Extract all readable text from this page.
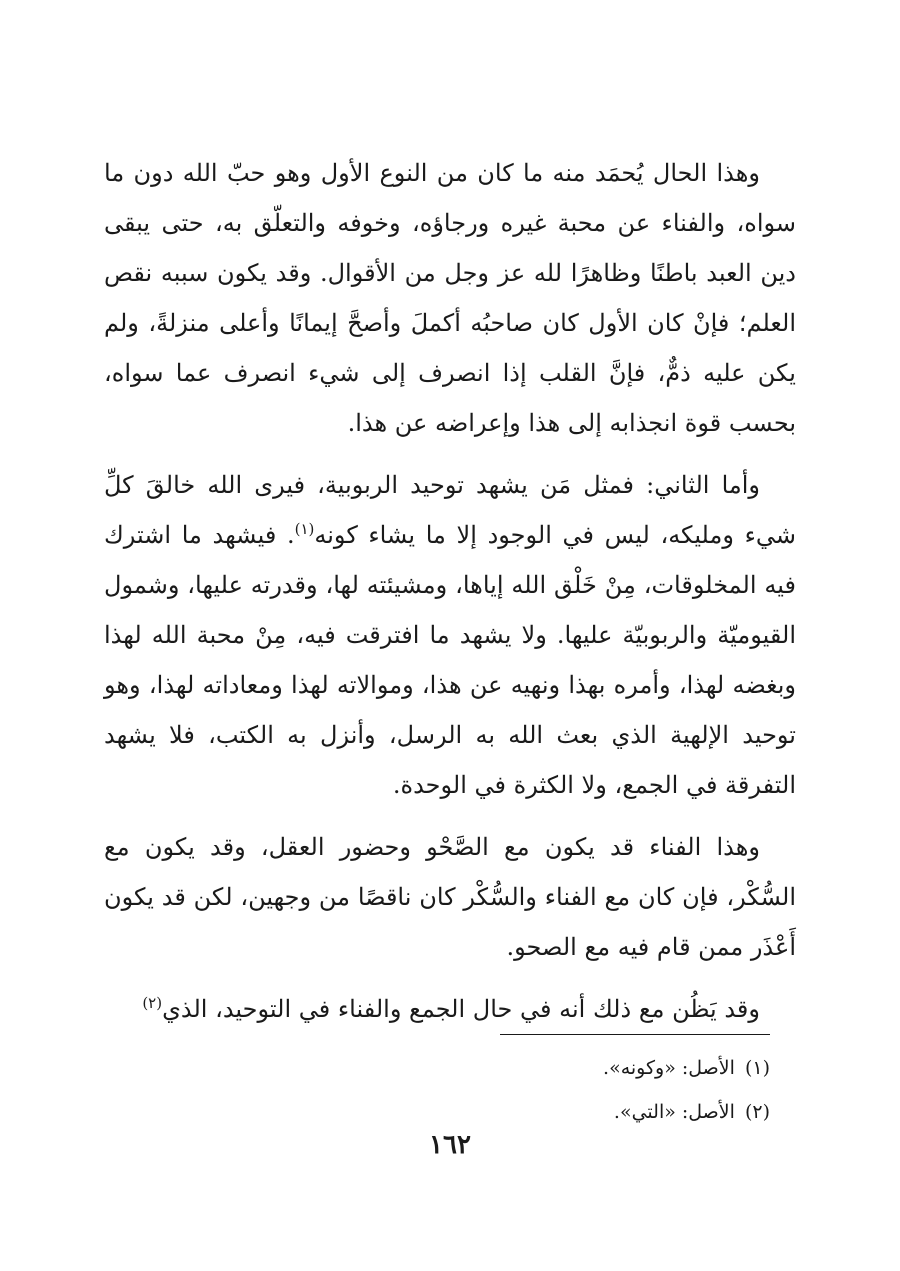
وهذا الحال يُحمَد منه ما كان من النوع الأول وهو حبّ الله دون ما سواه، والفناء عن محبة غيره ورجاؤه، وخوفه والتعلّق به، حتى يبقى دين العبد باطنًا وظاهرًا لله عز وجل من الأقوال. وقد يكون سببه نقص العلم؛ فإنْ كان الأول كان صاحبُه أكملَ وأصحَّ إيمانًا وأعلى منزلةً، ولم يكن عليه ذمٌّ، فإنَّ القلب إذا انصرف إلى شيء انصرف عما سواه، بحسب قوة انجذابه إلى هذا وإعراضه عن هذا.

وأما الثاني: فمثل مَن يشهد توحيد الربوبية، فيرى الله خالقَ كلِّ شيء ومليكه، ليس في الوجود إلا ما يشاء كونه$^{(١)}$. فيشهد ما اشترك فيه المخلوقات، مِنْ خَلْق الله إياها، ومشيئته لها، وقدرته عليها، وشمول القيوميّة والربوبيّة عليها. ولا يشهد ما افترقت فيه، مِنْ محبة الله لهذا وبغضه لهذا، وأمره بهذا ونهيه عن هذا، وموالاته لهذا ومعاداته لهذا، وهو توحيد الإلهية الذي بعث الله به الرسل، وأنزل به الكتب، فلا يشهد التفرقة في الجمع، ولا الكثرة في الوحدة.

وهذا الفناء قد يكون مع الصَّحْو وحضور العقل، وقد يكون مع السُّكْر، فإن كان مع الفناء والسُّكْر كان ناقصًا من وجهين، لكن قد يكون أَعْذَر ممن قام فيه مع الصحو.

وقد يَظُن مع ذلك أنه في حال الجمع والفناء في التوحيد، الذي$^{(٢)}$

(١)الأصل: «وكونه».
(٢)الأصل: «التي».
١٦٢
